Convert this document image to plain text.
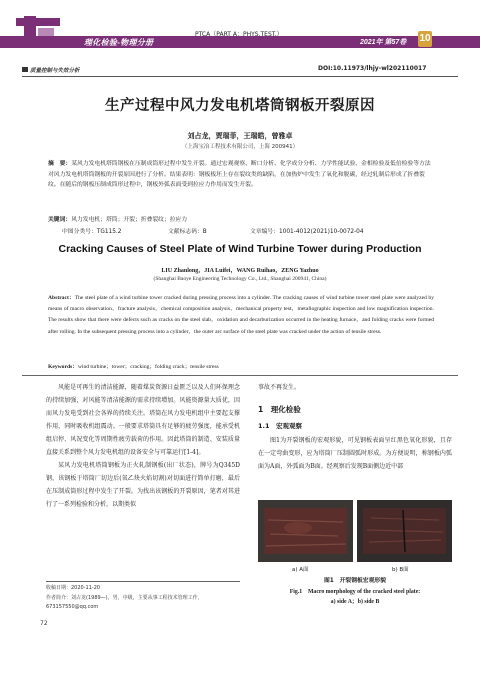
理化检验-物理分册
PTCA（PART A：PHYS.TEST.）
2021年 第57卷 10
质量控制与失效分析	DOI:10.11973/lhjy-wl202110017
生产过程中风力发电机塔筒钢板开裂原因
刘占龙，贾瑞菲，王瑞皓，曾雅卓
（上海宝冶工程技术有限公司，上海 200941）
摘　要：某风力发电机塔筒钢板在压制成筒形过程中发生开裂。通过宏观观察、断口分析、化学成分分析、力学性能试验、金相检验及低倍检验等方法对风力发电机塔筒钢板的开裂原因进行了分析。结果表明：钢板板坯上存在裂纹类的缺陷，在加热炉中发生了氧化和脱碳，经过轧制后形成了折叠裂纹。在随后的钢板压制成筒形过程中，钢板外弧表面受到拉应力作用而发生开裂。
关键词：风力发电机；塔筒；开裂；折叠裂纹；拉应力
中图分类号：TG115.2	文献标志码：B	文章编号：1001-4012(2021)10-0072-04
Cracking Causes of Steel Plate of Wind Turbine Tower during Production
LIU Zhanlong，JIA Luifei，WANG Ruihao，ZENG Yazhuo
(Shanghai Baoye Engineering Technology Co., Ltd., Shanghai 200941, China)
Abstract：The steel plate of a wind turbine tower cracked during pressing process into a cylinder. The cracking causes of wind turbine tower steel plate were analyzed by means of macro observation，fracture analysis，chemical composition analysis，mechanical property test，metallographic inspection and low magnification inspection. The results show that there were defects such as cracks on the steel slab，oxidation and decarburization occurred in the heating furnace，and folding cracks were formed after rolling. In the subsequent pressing process into a cylinder，the outer arc surface of the steel plate was cracked under the action of tensile stress.
Keywords：wind turbine；tower；cracking；folding crack；tensile stress

风能是可再生的清洁能源，随着煤炭资源日益匮乏以及人们环保理念的持续加强，对风能等清洁能源的需求持续增加。风能资源量大质优，因而风力发电受到社会各界的持续关注。塔筒在风力发电机组中主要起支撑作用，同时吸收机组震动。一般要求塔筒具有足够的疲劳强度，能承受机组启停、风况变化等周期性疲劳载荷的作用。因此塔筒的制造、安装质量直接关系到整个风力发电机组的设备安全与可靠运行[1-4]。

某风力发电机塔筒钢板为正火轧制钢板(出厂状态)，牌号为Q345D钢，该钢板于塔筒厂切边后(氧乙炔火焰切割)对切面进行简单打磨，最后在压制成筒形过程中发生了开裂。为找出该钢板的开裂原因，笔者对其进行了一系列检验和分析，以期类似

事故不再发生。

1　理化检验
1.1　宏观观察

图1为开裂钢板的宏观形貌，可见钢板表面呈红黑色氧化形貌，且存在一定弯曲变形，应为塔筒厂压制圆弧时形成。为方便说明，称钢板内弧面为A面，外弧面为B面。经观察后发现B面侧边近中部

a) A面	b) B面
图1　开裂钢板宏观形貌
Fig.1　Macro morphology of the cracked steel plate:
a) side A；b) side B
收稿日期：2020-11-20
作者简介：刘占龙(1989—)，男，中级，主要从事工程技术管理工作，673157550@qq.com
72
